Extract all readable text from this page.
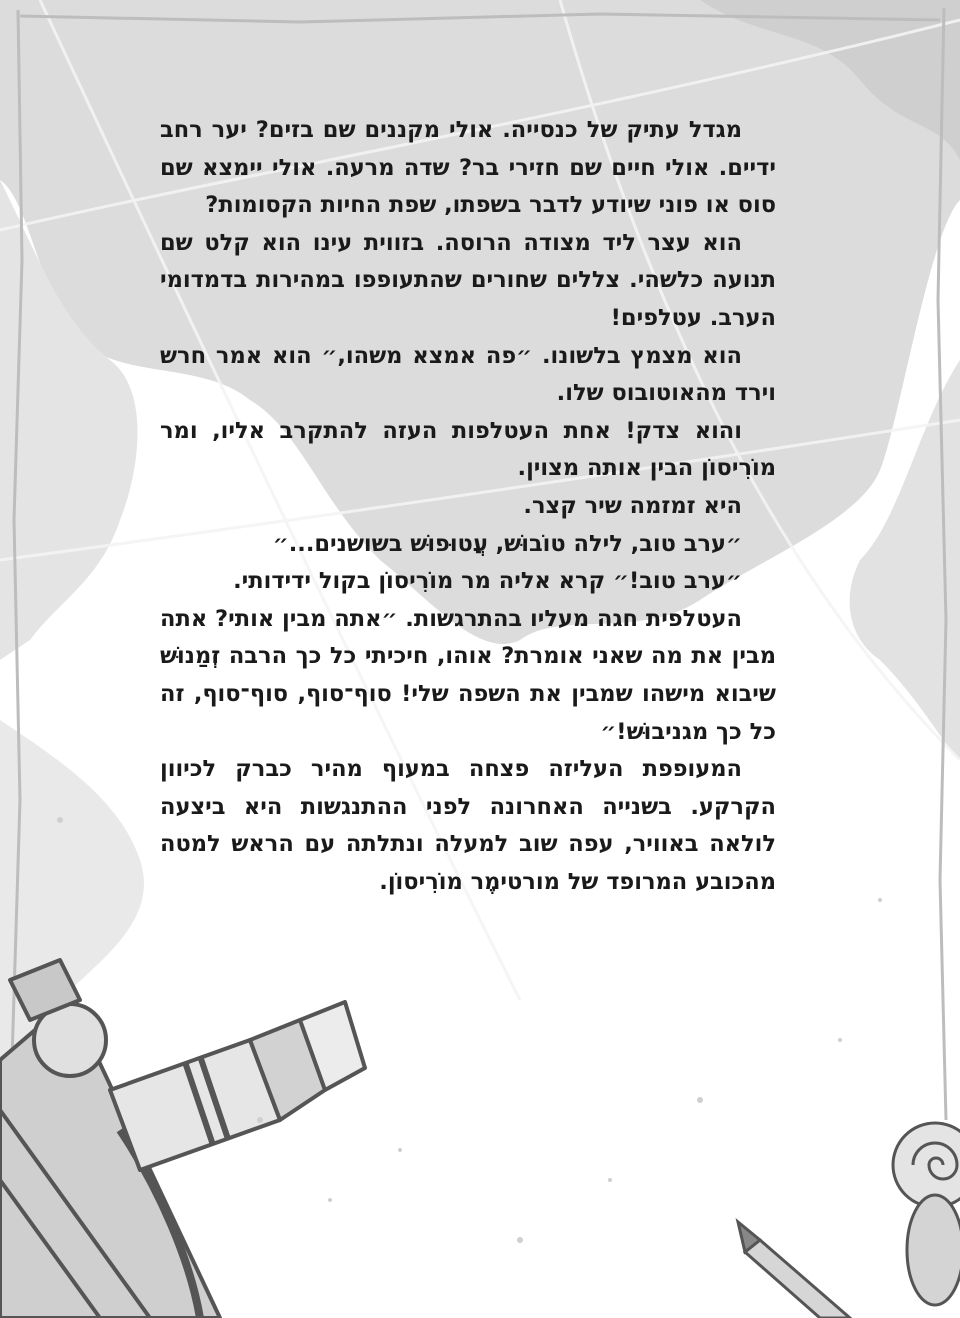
מגדל עתיק של כנסייה. אולי מקננים שם בזים? יער רחב ידיים. אולי חיים שם חזירי בר? שדה מרעה. אולי יימצא שם סוס או פוני שיודע לדבר בשפתו, שפת החיות הקסומות?

הוא עצר ליד מצודה הרוסה. בזווית עינו הוא קלט שם תנועה כלשהי. צללים שחורים שהתעופפו במהירות בדמדומי הערב. עטלפים!

הוא מצמץ בלשונו. ״פה אמצא משהו,״ הוא אמר חרש וירד מהאוטובוס שלו.

והוא צדק! אחת העטלפות העזה להתקרב אליו, ומר מוֹרִיסוֹן הבין אותה מצוין.

היא זמזמה שיר קצר.

״ערב טוב, לילה טוֹבוּשׁ, עֲטוּפוּשׁ בשושנים...״

״ערב טוב!״ קרא אליה מר מוֹרִיסוֹן בקול ידידותי.

העטלפית חגה מעליו בהתרגשות. ״אתה מבין אותי? אתה מבין את מה שאני אומרת? אוהו, חיכיתי כל כך הרבה זְמַנוּשׁ שיבוא מישהו שמבין את השפה שלי! סוף־סוף, סוף־סוף, זה כל כך מגניבוּשׁ!״

המעופפת העליזה פצחה במעוף מהיר כברק לכיוון הקרקע. בשנייה האחרונה לפני ההתנגשות היא ביצעה לולאה באוויר, עפה שוב למעלה ונתלתה עם הראש למטה מהכובע המרופד של מורטימֶר מוֹרִיסוֹן.
